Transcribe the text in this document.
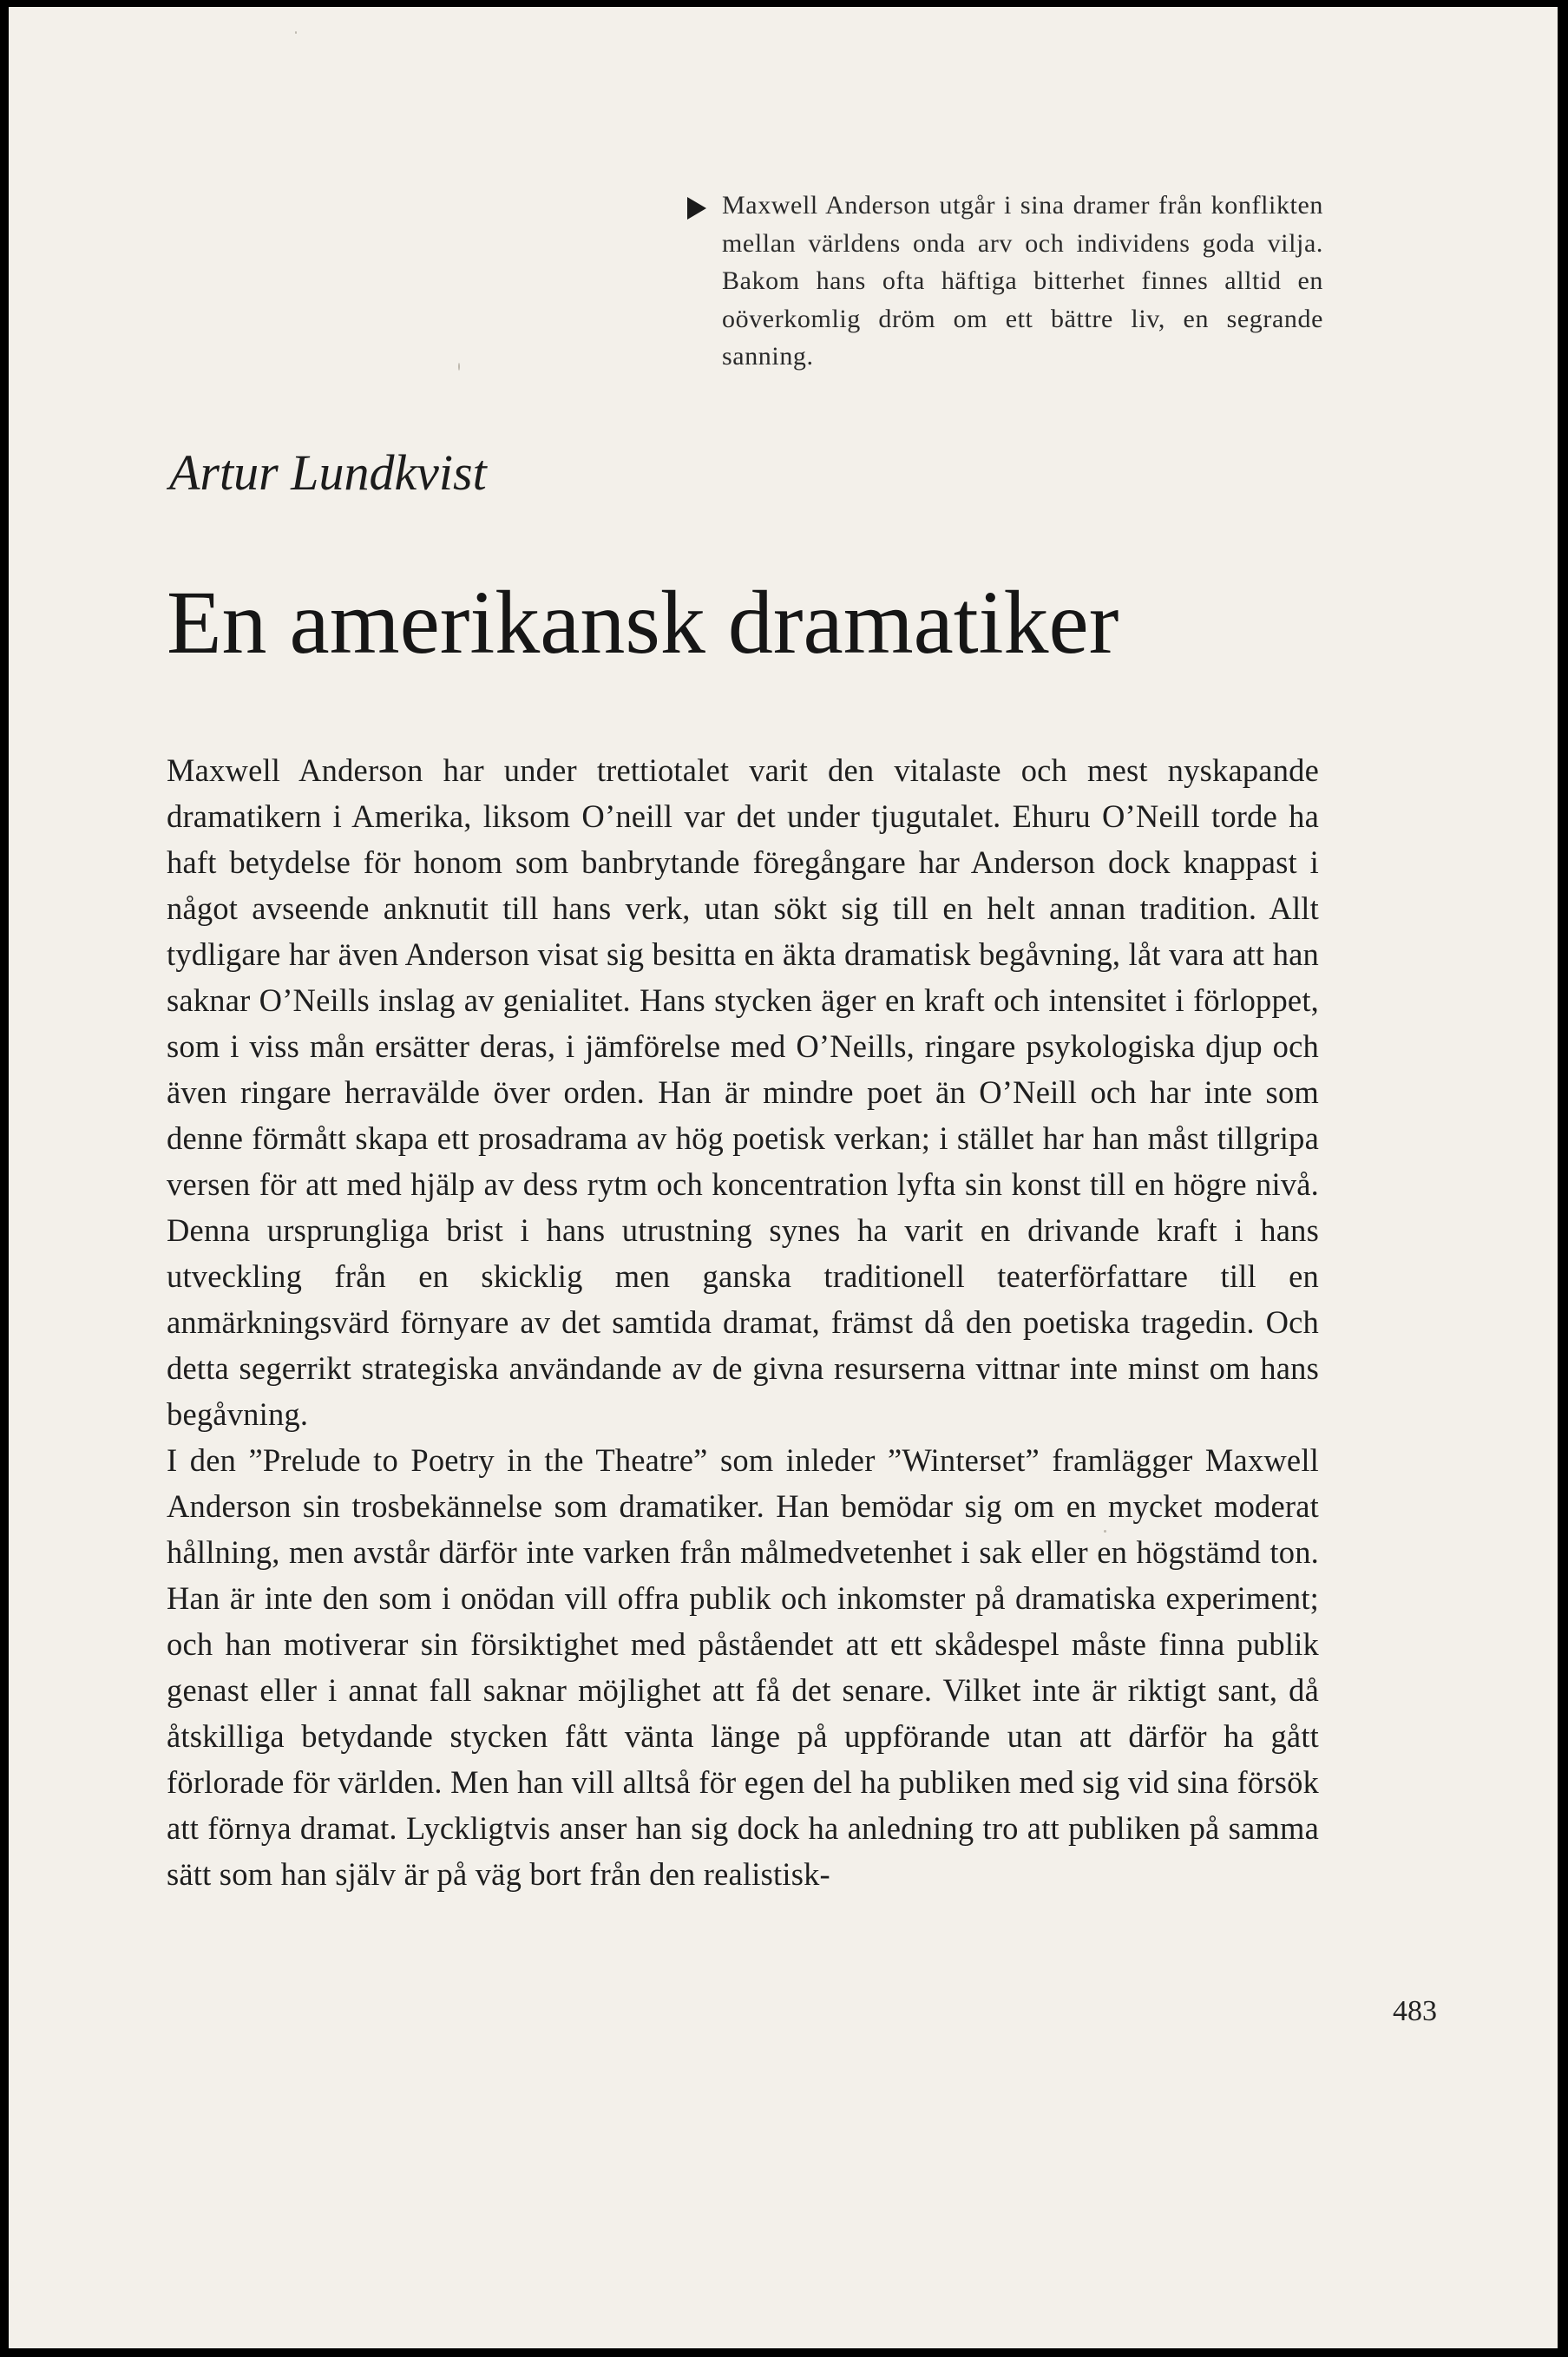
Maxwell Anderson utgår i sina dramer från konflikten mellan världens onda arv och individens goda vilja. Bakom hans ofta häftiga bitterhet finnes alltid en oöverkomlig dröm om ett bättre liv, en segrande sanning.

Artur Lundkvist
En amerikansk dramatiker

Maxwell Anderson har under trettiotalet varit den vitalaste och mest nyskapande dramatikern i Amerika, liksom O’neill var det under tjugutalet. Ehuru O’Neill torde ha haft betydelse för honom som banbrytande föregångare har Anderson dock knappast i något avseende anknutit till hans verk, utan sökt sig till en helt annan tradition. Allt tydligare har även Anderson visat sig besitta en äkta dramatisk begåvning, låt vara att han saknar O’Neills inslag av genialitet. Hans stycken äger en kraft och intensitet i förloppet, som i viss mån ersätter deras, i jämförelse med O’Neills, ringare psykologiska djup och även ringare herravälde över orden. Han är mindre poet än O’Neill och har inte som denne förmått skapa ett prosadrama av hög poetisk verkan; i stället har han måst tillgripa versen för att med hjälp av dess rytm och koncentration lyfta sin konst till en högre nivå. Denna ursprungliga brist i hans utrustning synes ha varit en drivande kraft i hans utveckling från en skicklig men ganska traditionell teaterförfattare till en anmärkningsvärd förnyare av det samtida dramat, främst då den poetiska tragedin. Och detta segerrikt strategiska användande av de givna resurserna vittnar inte minst om hans begåvning.

I den ”Prelude to Poetry in the Theatre” som inleder ”Winterset” framlägger Maxwell Anderson sin trosbekännelse som dramatiker. Han bemödar sig om en mycket moderat hållning, men avstår därför inte varken från målmedvetenhet i sak eller en högstämd ton. Han är inte den som i onödan vill offra publik och inkomster på dramatiska experiment; och han motiverar sin försiktighet med påståendet att ett skådespel måste finna publik genast eller i annat fall saknar möjlighet att få det senare. Vilket inte är riktigt sant, då åtskilliga betydande stycken fått vänta länge på uppförande utan att därför ha gått förlorade för världen. Men han vill alltså för egen del ha publiken med sig vid sina försök att förnya dramat. Lyckligtvis anser han sig dock ha anledning tro att publiken på samma sätt som han själv är på väg bort från den realistisk-

483
